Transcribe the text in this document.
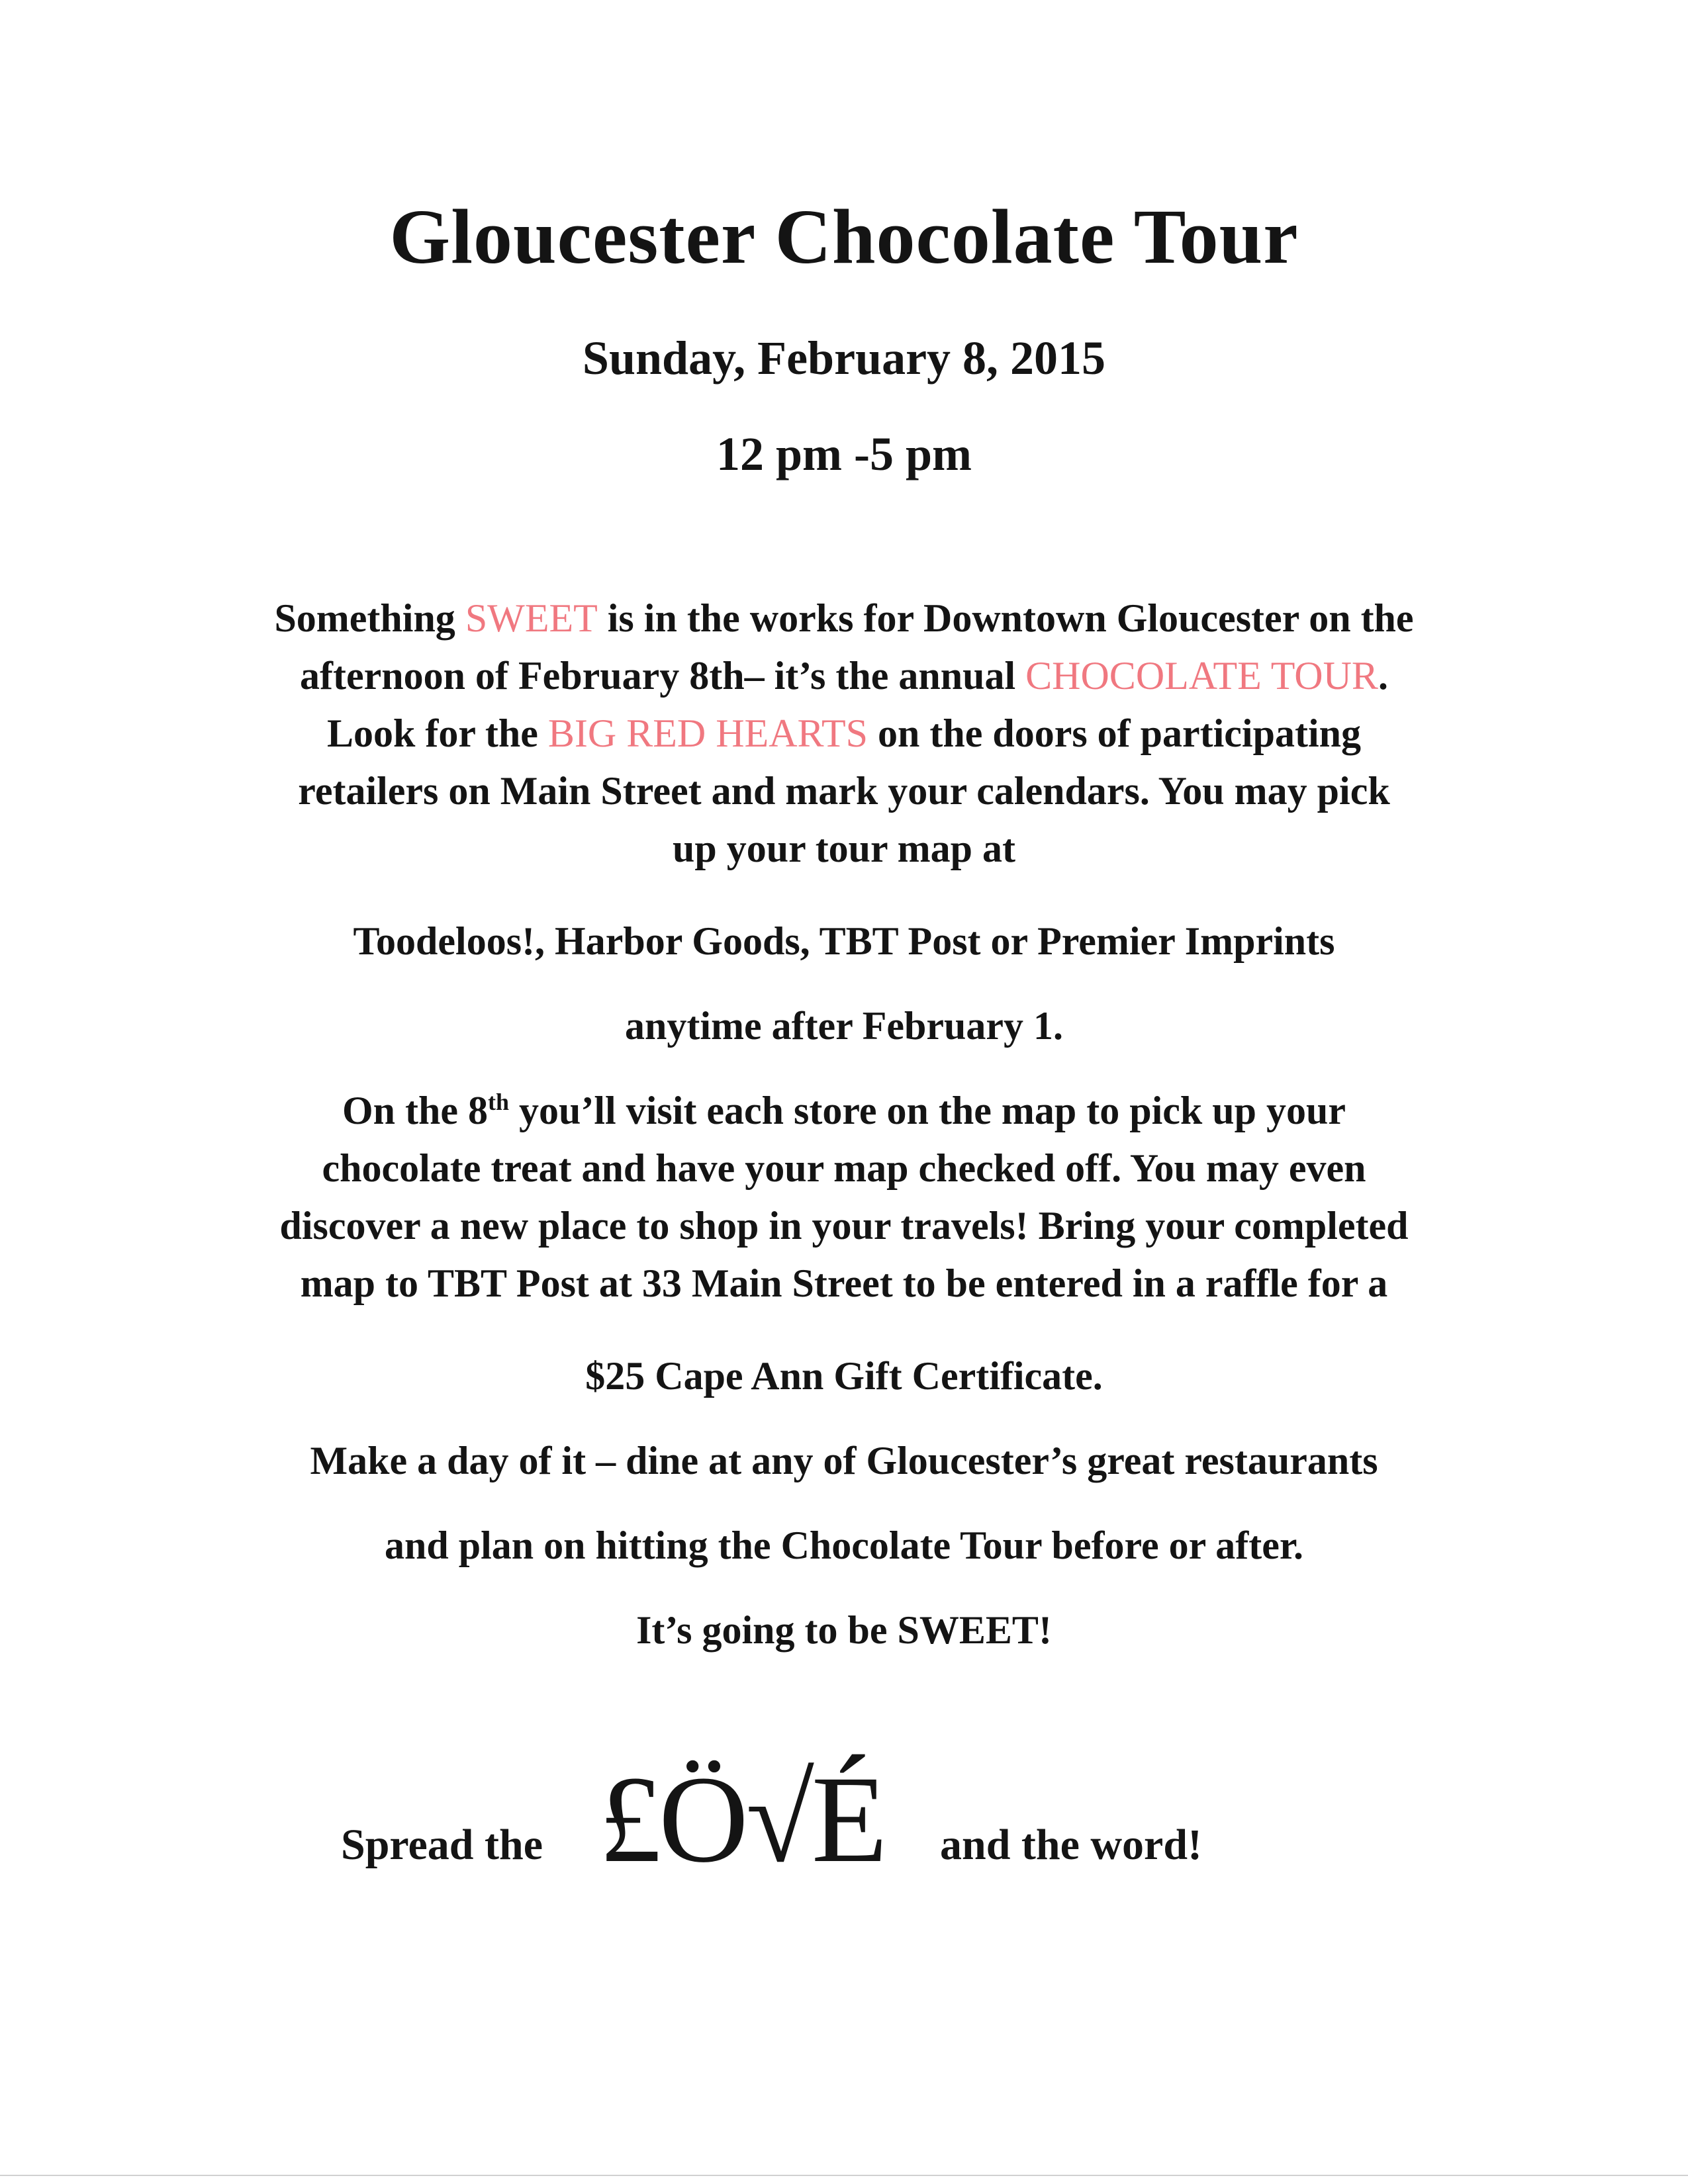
Gloucester Chocolate Tour
Sunday, February 8, 2015
12 pm -5 pm
Something SWEET is in the works for Downtown Gloucester on the
afternoon of February 8th– it’s the annual CHOCOLATE TOUR.
Look for the BIG RED HEARTS on the doors of participating
retailers on Main Street and mark your calendars. You may pick
up your tour map at
Toodeloos!, Harbor Goods, TBT Post or Premier Imprints
anytime after February 1.
On the 8th you’ll visit each store on the map to pick up your
chocolate treat and have your map checked off. You may even
discover a new place to shop in your travels! Bring your completed
map to TBT Post at 33 Main Street to be entered in a raffle for a
$25 Cape Ann Gift Certificate.
Make a day of it – dine at any of Gloucester’s great restaurants
and plan on hitting the Chocolate Tour before or after.
It’s going to be SWEET!
Spread the £Ö√É and the word!
